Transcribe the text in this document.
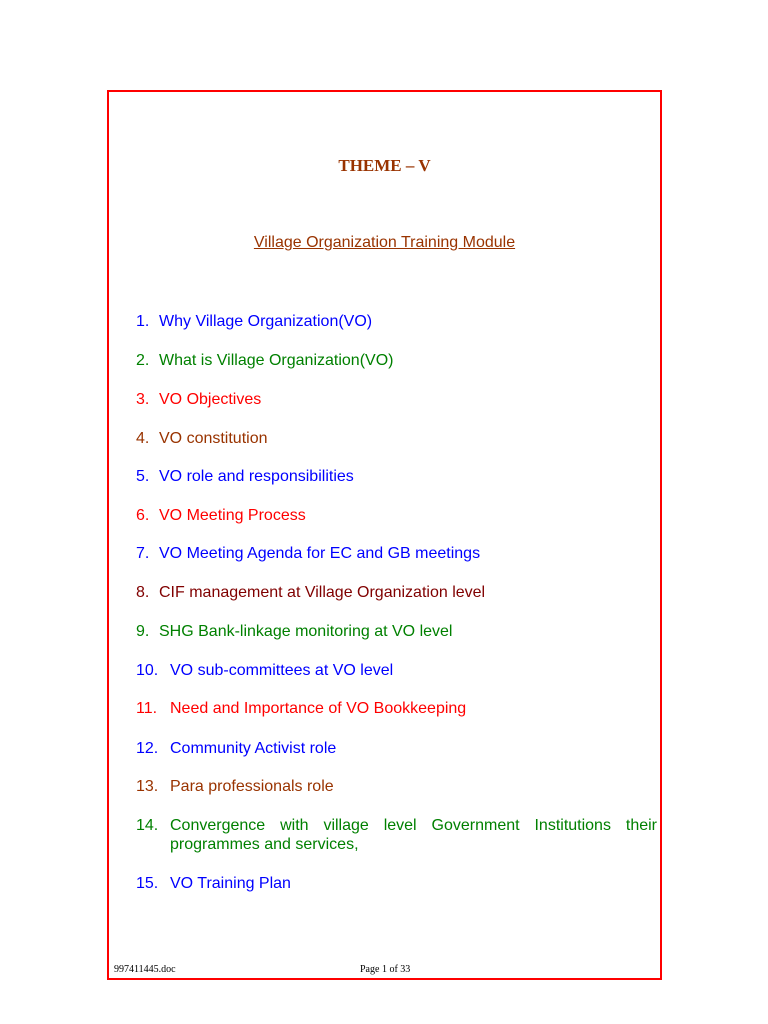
THEME – V
Village Organization Training Module
1. Why Village Organization(VO)
2. What is Village Organization(VO)
3. VO Objectives
4. VO constitution
5. VO role and responsibilities
6. VO Meeting Process
7. VO Meeting Agenda for EC and GB meetings
8. CIF management at Village Organization level
9. SHG Bank-linkage monitoring at VO level
10. VO sub-committees at VO level
11. Need and Importance of VO Bookkeeping
12. Community Activist role
13. Para professionals role
14. Convergence with village level Government Institutions their programmes and services,
15. VO Training Plan
997411445.doc	Page 1 of 33
